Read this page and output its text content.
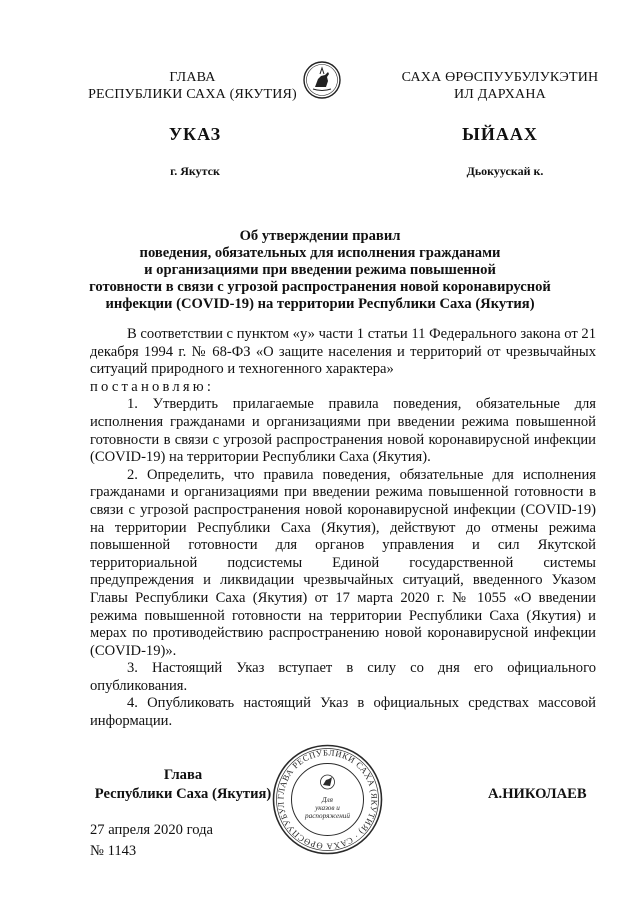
ГЛАВА
РЕСПУБЛИКИ САХА (ЯКУТИЯ)
САХА ӨРӨСПУУБУЛУКЭТИН
ИЛ ДАРХАНА
УКАЗ	ЫЙААХ
г. Якутск	Дьокуускай к.
Об утверждении правил
поведения, обязательных для исполнения гражданами
и организациями при введении режима повышенной
готовности в связи с угрозой распространения новой коронавирусной
инфекции (COVID-19) на территории Республики Саха (Якутия)

В соответствии с пунктом «у» части 1 статьи 11 Федерального закона от 21 декабря 1994 г. № 68-ФЗ «О защите населения и территорий от чрезвычайных ситуаций природного и техногенного характера»

постановляю:

1. Утвердить прилагаемые правила поведения, обязательные для исполнения гражданами и организациями при введении режима повышенной готовности в связи с угрозой распространения новой коронавирусной инфекции (COVID-19) на территории Республики Саха (Якутия).

2. Определить, что правила поведения, обязательные для исполнения гражданами и организациями при введении режима повышенной готовности в связи с угрозой распространения новой коронавирусной инфекции (COVID-19) на территории Республики Саха (Якутия), действуют до отмены режима повышенной готовности для органов управления и сил Якутской территориальной подсистемы Единой государственной системы предупреждения и ликвидации чрезвычайных ситуаций, введенного Указом Главы Республики Саха (Якутия) от 17 марта 2020 г. № 1055 «О введении режима повышенной готовности на территории Республики Саха (Якутия) и мерах по противодействию распространению новой коронавирусной инфекции (COVID-19)».

3. Настоящий Указ вступает в силу со дня его официального опубликования.

4. Опубликовать настоящий Указ в официальных средствах массовой информации.

ГЛАВА РЕСПУБЛИКИ САХА (ЯКУТИЯ) · САХА ӨРӨСПУУБУЛ
Для
указов и
распоряжений
Глава
Республики Саха (Якутия)	А.НИКОЛАЕВ
27 апреля 2020 года
№ 1143
